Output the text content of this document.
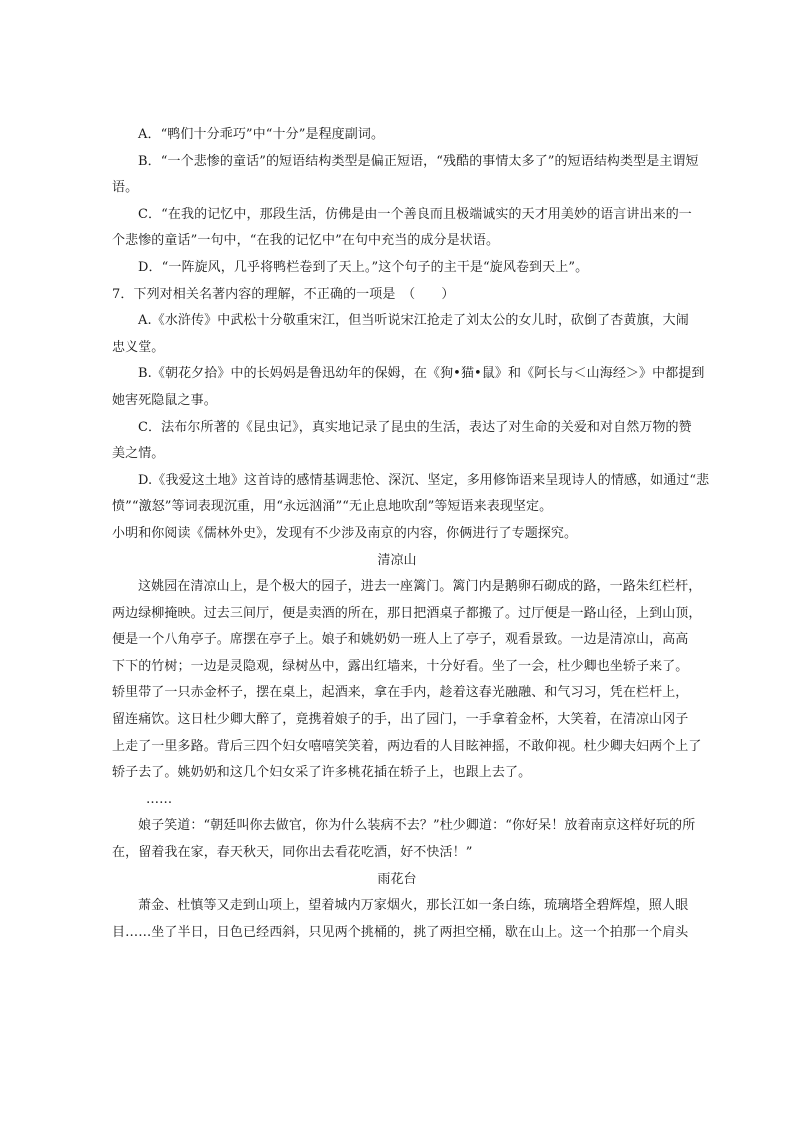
A．“鸭们十分乖巧”中“十分”是程度副词。
B．“一个悲惨的童话”的短语结构类型是偏正短语，“残酷的事情太多了”的短语结构类型是主谓短
语。
C．“在我的记忆中，那段生活，仿佛是由一个善良而且极端诚实的天才用美妙的语言讲出来的一
个悲惨的童话”一句中，“在我的记忆中”在句中充当的成分是状语。
D．“一阵旋风，几乎将鸭栏卷到了天上。”这个句子的主干是“旋风卷到天上”。
7．下列对相关名著内容的理解，不正确的一项是　（　　）
A.《水浒传》中武松十分敬重宋江，但当听说宋江抢走了刘太公的女儿时，砍倒了杏黄旗，大闹
忠义堂。
B.《朝花夕拾》中的长妈妈是鲁迅幼年的保姆，在《狗•猫•鼠》和《阿长与＜山海经＞》中都提到
她害死隐鼠之事。
C．法布尔所著的《昆虫记》，真实地记录了昆虫的生活，表达了对生命的关爱和对自然万物的赞
美之情。
D.《我爱这土地》这首诗的感情基调悲怆、深沉、坚定，多用修饰语来呈现诗人的情感，如通过“悲
愤”“激怒”等词表现沉重，用“永远汹涌”“无止息地吹刮”等短语来表现坚定。
小明和你阅读《儒林外史》，发现有不少涉及南京的内容，你俩进行了专题探究。
清凉山
这姚园在清凉山上，是个极大的园子，进去一座篱门。篱门内是鹅卵石砌成的路，一路朱红栏杆，
两边绿柳掩映。过去三间厅，便是卖酒的所在，那日把酒桌子都搬了。过厅便是一路山径，上到山顶，
便是一个八角亭子。席摆在亭子上。娘子和姚奶奶一班人上了亭子，观看景致。一边是清凉山，高高
下下的竹树；一边是灵隐观，绿树丛中，露出红墙来，十分好看。坐了一会，杜少卿也坐轿子来了。
轿里带了一只赤金杯子，摆在桌上，起酒来，拿在手内，趁着这春光融融、和气习习，凭在栏杆上，
留连痛饮。这日杜少卿大醉了，竟携着娘子的手，出了园门，一手拿着金杯，大笑着，在清凉山冈子
上走了一里多路。背后三四个妇女嘻嘻笑笑着，两边看的人目眩神摇，不敢仰视。杜少卿夫妇两个上了
轿子去了。姚奶奶和这几个妇女采了许多桃花插在轿子上，也跟上去了。
……
娘子笑道：“朝廷叫你去做官，你为什么装病不去？”杜少卿道：“你好呆！放着南京这样好玩的所
在，留着我在家，春天秋天，同你出去看花吃酒，好不快活！”
雨花台
萧金、杜慎等又走到山项上，望着城内万家烟火，那长江如一条白练，琉璃塔全碧辉煌，照人眼
目……坐了半日，日色已经西斜，只见两个挑桶的，挑了两担空桶，歇在山上。这一个拍那一个肩头
